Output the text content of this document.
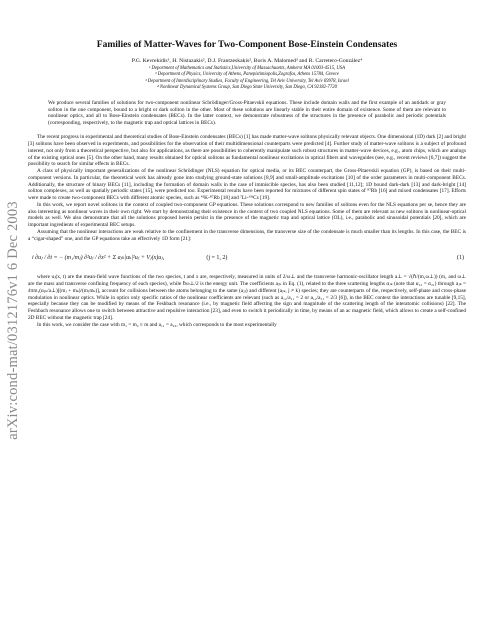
arXiv:cond-mat/0312176v1 6 Dec 2003
Families of Matter-Waves for Two-Component Bose-Einstein Condensates
P.G. Kevrekidis¹, H. Nistazakis², D.J. Frantzeskakis², Boris A. Malomed³ and R. Carretero-González⁴
¹ Department of Mathematics and Statistics,University of Massachusetts, Amherst MA 01003-4515, USA
² Department of Physics, University of Athens, Panepistimiopolis,Zografos, Athens 15784, Greece
³ Department of Interdisciplinary Studies, Faculty of Engineering, Tel Aviv University, Tel Aviv 69978, Israel
⁴ Nonlinear Dynamical Systems Group, San Diego State University, San Diego, CA 92182-7720
We produce several families of solutions for two-component nonlinear Schrödinger/Gross-Pitaevskii equations. These include domain walls and the first example of an antidark or gray soliton in the one component, bound to a bright or dark soliton in the other. Most of these solutions are linearly stable in their entire domain of existence. Some of them are relevant to nonlinear optics, and all to Bose-Einstein condensates (BECs). In the latter context, we demonstrate robustness of the structures in the presence of parabolic and periodic potentials (corresponding, respectively, to the magnetic trap and optical lattices in BECs).

The recent progress in experimental and theoretical studies of Bose-Einstein condensates (BECs) [1] has made matter-wave solitons physically relevant objects. One dimensional (1D) dark [2] and bright [3] solitons have been observed in experiments, and possibilities for the observation of their multidimensional counterparts were predicted [4]. Further study of matter-wave solitons is a subject of profound interest, not only from a theoretical perspective, but also for applications, as there are possibilities to coherently manipulate such robust structures in matter-wave devices, e.g., atom chips, which are analogs of the existing optical ones [5]. On the other hand, many results obtained for optical solitons as fundamental nonlinear excitations in optical fibers and waveguides (see, e.g., recent reviews [6,7]) suggest the possibility to search for similar effects in BECs.

A class of physically important generalizations of the nonlinear Schrödinger (NLS) equation for optical media, or its BEC counterpart, the Gross-Pitaevskii equation (GP), is based on their multi-component versions. In particular, the theoretical work has already gone into studying ground-state solutions [8,9] and small-amplitude excitations [10] of the order parameters in multi-component BECs. Additionally, the structure of binary BECs [11], including the formation of domain walls in the case of immiscible species, has also been studied [11,12]; 1D bound dark-dark [13] and dark-bright [14] soliton complexes, as well as spatially periodic states [15], were predicted too. Experimental results have been reported for mixtures of different spin states of ⁸⁷Rb [16] and mixed condensates [17]. Efforts were made to create two-component BECs with different atomic species, such as ⁴¹K-⁸⁷Rb [18] and ⁷Li-¹³³Cs [19].

In this work, we report novel solitons in the context of coupled two-component GP equations. These solutions correspond to new families of solitons even for the NLS equations per se, hence they are also interesting as nonlinear waves in their own right. We start by demonstrating their existence in the context of two coupled NLS equations. Some of them are relevant as new solitons in nonlinear-optical models as well. We also demonstrate that all the solutions proposed herein persist in the presence of the magnetic trap and optical lattice (OL), i.e., parabolic and sinusoidal potentials [20], which are important ingredients of experimental BEC setups.

Assuming that the nonlinear interactions are weak relative to the confinement in the transverse dimensions, the transverse size of the condensate is much smaller than its lengths. In this case, the BEC is a “cigar-shaped” one, and the GP equations take an effectively 1D form [21]:

i ∂uⱼ / ∂t = − (m₁/mⱼ) ∂²uⱼ / ∂x² + Σ aⱼₖ|uₖ|²uⱼ + Vⱼ(x)uⱼ,	(j = 1, 2)	(1)

where uⱼ(x, t) are the mean-field wave functions of the two species, t and x are, respectively, measured in units of 2/ω⊥ and the transverse harmonic-oscillator length a⊥ = √(ℏ/(m₁ω⊥)) (m₁ and ω⊥ are the mass and transverse confining frequency of each species), while ℏω⊥/2 is the energy unit. The coefficients aⱼₖ in Eq. (1), related to the three scattering lengths αⱼₖ (note that α₁₂ = α₂₁) through aⱼₖ = 4πm₁(αⱼₖ/a⊥)[(mⱼ + mₖ)/(mⱼmₖ)], account for collisions between the atoms belonging to the same (aⱼⱼ) and different (aⱼₖ, j ≠ k) species; they are counterparts of the, respectively, self-phase and cross-phase modulation in nonlinear optics. While in optics only specific ratios of the nonlinear coefficients are relevant (such as a₁₂/a₁₁ = 2 or a₁₂/a₁₁ = 2/3 [6]), in the BEC context the interactions are tunable [9,15], especially because they can be modified by means of the Feshbach resonance (i.e., by magnetic field affecting the sign and magnitude of the scattering length of the interatomic collisions) [22]. The Feshbach resonance allows one to switch between attractive and repulsive interaction [23], and even to switch it periodically in time, by means of an ac magnetic field, which allows to create a self-confined 2D BEC without the magnetic trap [24].

In this work, we consider the case with m₁ = m₂ ≡ m and a₁₁ = a₂₂, which corresponds to the most experimentally
